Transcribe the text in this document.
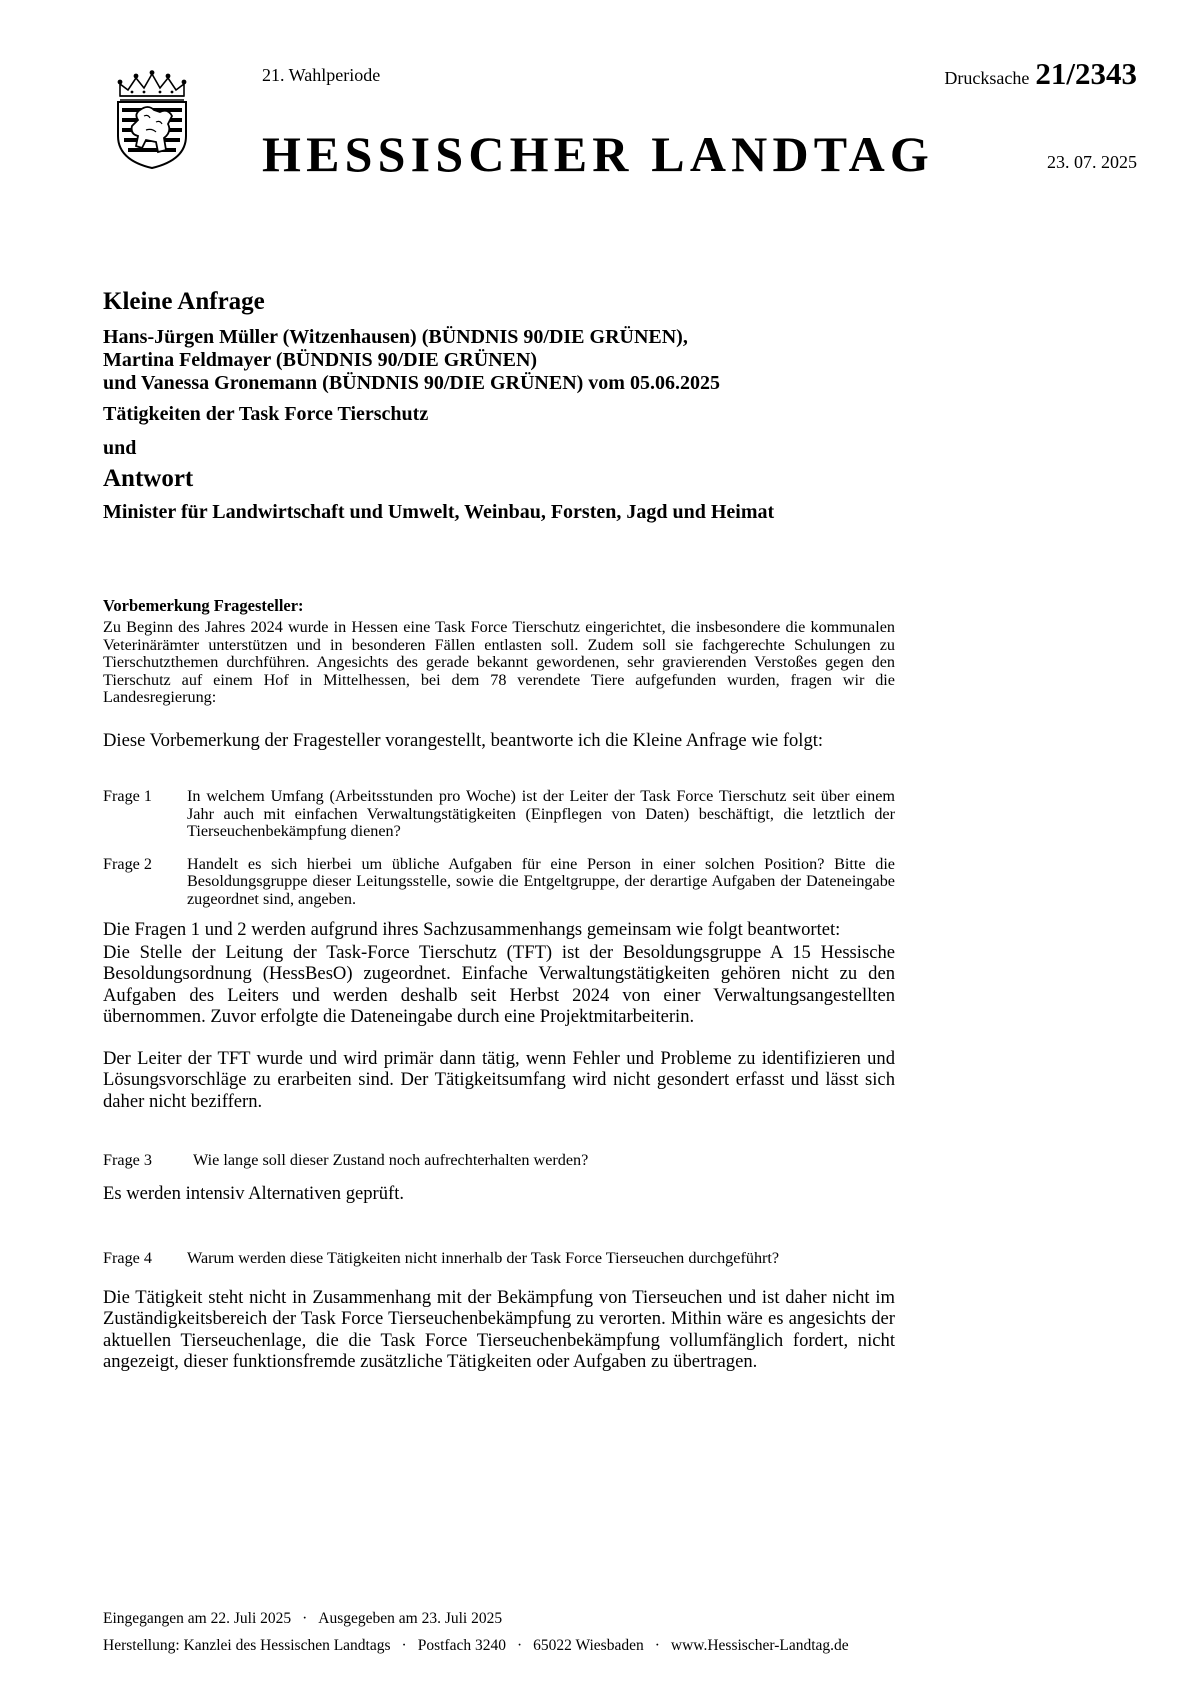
21. Wahlperiode	Drucksache 21/2343
HESSISCHER LANDTAG	23. 07. 2025
Kleine Anfrage
Hans-Jürgen Müller (Witzenhausen) (BÜNDNIS 90/DIE GRÜNEN),
Martina Feldmayer (BÜNDNIS 90/DIE GRÜNEN)
und Vanessa Gronemann (BÜNDNIS 90/DIE GRÜNEN) vom 05.06.2025
Tätigkeiten der Task Force Tierschutz
und
Antwort
Minister für Landwirtschaft und Umwelt, Weinbau, Forsten, Jagd und Heimat
Vorbemerkung Fragesteller:

Zu Beginn des Jahres 2024 wurde in Hessen eine Task Force Tierschutz eingerichtet, die insbesondere die kommunalen Veterinärämter unterstützen und in besonderen Fällen entlasten soll. Zudem soll sie fachgerechte Schulungen zu Tierschutzthemen durchführen. Angesichts des gerade bekannt gewordenen, sehr gravierenden Verstoßes gegen den Tierschutz auf einem Hof in Mittelhessen, bei dem 78 verendete Tiere aufgefunden wurden, fragen wir die Landesregierung:

Diese Vorbemerkung der Fragesteller vorangestellt, beantworte ich die Kleine Anfrage wie folgt:

Frage 1	In welchem Umfang (Arbeitsstunden pro Woche) ist der Leiter der Task Force Tierschutz seit über einem Jahr auch mit einfachen Verwaltungstätigkeiten (Einpflegen von Daten) beschäftigt, die letztlich der Tierseuchenbekämpfung dienen?
Frage 2	Handelt es sich hierbei um übliche Aufgaben für eine Person in einer solchen Position? Bitte die Besoldungsgruppe dieser Leitungsstelle, sowie die Entgeltgruppe, der derartige Aufgaben der Dateneingabe zugeordnet sind, angeben.

Die Fragen 1 und 2 werden aufgrund ihres Sachzusammenhangs gemeinsam wie folgt beantwortet:

Die Stelle der Leitung der Task-Force Tierschutz (TFT) ist der Besoldungsgruppe A 15 Hessische Besoldungsordnung (HessBesO) zugeordnet. Einfache Verwaltungstätigkeiten gehören nicht zu den Aufgaben des Leiters und werden deshalb seit Herbst 2024 von einer Verwaltungsangestellten übernommen. Zuvor erfolgte die Dateneingabe durch eine Projektmitarbeiterin.

Der Leiter der TFT wurde und wird primär dann tätig, wenn Fehler und Probleme zu identifizieren und Lösungsvorschläge zu erarbeiten sind. Der Tätigkeitsumfang wird nicht gesondert erfasst und lässt sich daher nicht beziffern.

Frage 3	Wie lange soll dieser Zustand noch aufrechterhalten werden?

Es werden intensiv Alternativen geprüft.

Frage 4	Warum werden diese Tätigkeiten nicht innerhalb der Task Force Tierseuchen durchgeführt?

Die Tätigkeit steht nicht in Zusammenhang mit der Bekämpfung von Tierseuchen und ist daher nicht im Zuständigkeitsbereich der Task Force Tierseuchenbekämpfung zu verorten. Mithin wäre es angesichts der aktuellen Tierseuchenlage, die die Task Force Tierseuchenbekämpfung vollumfänglich fordert, nicht angezeigt, dieser funktionsfremde zusätzliche Tätigkeiten oder Aufgaben zu übertragen.

Eingegangen am 22. Juli 2025 · Ausgegeben am 23. Juli 2025
Herstellung: Kanzlei des Hessischen Landtags · Postfach 3240 · 65022 Wiesbaden · www.Hessischer-Landtag.de
